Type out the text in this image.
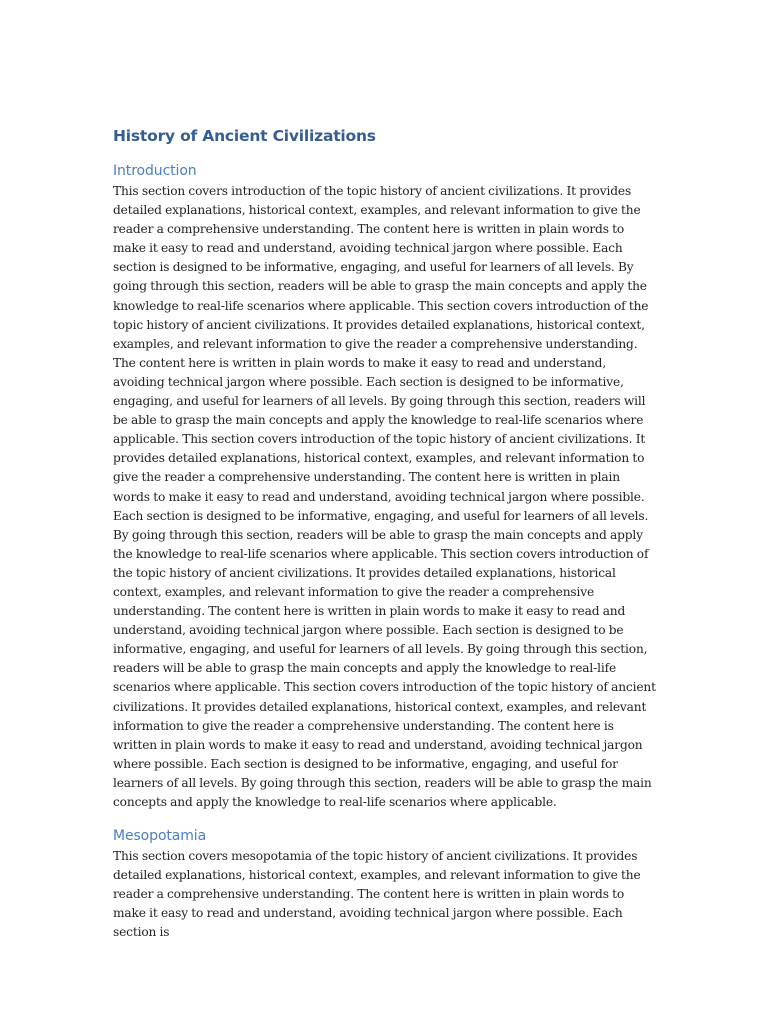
History of Ancient Civilizations
Introduction

This section covers introduction of the topic history of ancient civilizations. It provides detailed explanations, historical context, examples, and relevant information to give the reader a comprehensive understanding. The content here is written in plain words to make it easy to read and understand, avoiding technical jargon where possible. Each section is designed to be informative, engaging, and useful for learners of all levels. By going through this section, readers will be able to grasp the main concepts and apply the knowledge to real-life scenarios where applicable. This section covers introduction of the topic history of ancient civilizations. It provides detailed explanations, historical context, examples, and relevant information to give the reader a comprehensive understanding. The content here is written in plain words to make it easy to read and understand, avoiding technical jargon where possible. Each section is designed to be informative, engaging, and useful for learners of all levels. By going through this section, readers will be able to grasp the main concepts and apply the knowledge to real-life scenarios where applicable. This section covers introduction of the topic history of ancient civilizations. It provides detailed explanations, historical context, examples, and relevant information to give the reader a comprehensive understanding. The content here is written in plain words to make it easy to read and understand, avoiding technical jargon where possible. Each section is designed to be informative, engaging, and useful for learners of all levels. By going through this section, readers will be able to grasp the main concepts and apply the knowledge to real-life scenarios where applicable. This section covers introduction of the topic history of ancient civilizations. It provides detailed explanations, historical context, examples, and relevant information to give the reader a comprehensive understanding. The content here is written in plain words to make it easy to read and understand, avoiding technical jargon where possible. Each section is designed to be informative, engaging, and useful for learners of all levels. By going through this section, readers will be able to grasp the main concepts and apply the knowledge to real-life scenarios where applicable. This section covers introduction of the topic history of ancient civilizations. It provides detailed explanations, historical context, examples, and relevant information to give the reader a comprehensive understanding. The content here is written in plain words to make it easy to read and understand, avoiding technical jargon where possible. Each section is designed to be informative, engaging, and useful for learners of all levels. By going through this section, readers will be able to grasp the main concepts and apply the knowledge to real-life scenarios where applicable.

Mesopotamia

This section covers mesopotamia of the topic history of ancient civilizations. It provides detailed explanations, historical context, examples, and relevant information to give the reader a comprehensive understanding. The content here is written in plain words to make it easy to read and understand, avoiding technical jargon where possible. Each section is
